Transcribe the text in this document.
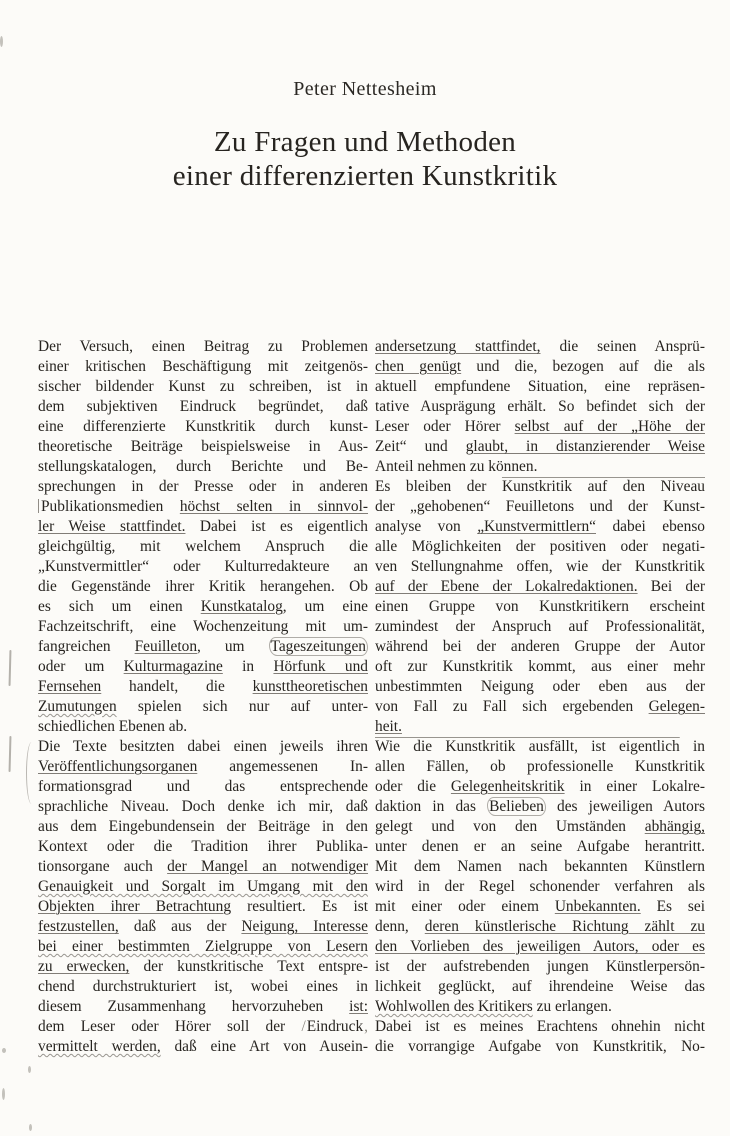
Peter Nettesheim
Zu Fragen und Methoden
einer differenzierten Kunstkritik
Der Versuch, einen Beitrag zu Problemen
einer kritischen Beschäftigung mit zeitgenös-
sischer bildender Kunst zu schreiben, ist in
dem subjektiven Eindruck begründet, daß
eine differenzierte Kunstkritik durch kunst-
theoretische Beiträge beispielsweise in Aus-
stellungskatalogen, durch Berichte und Be-
sprechungen in der Presse oder in anderen
Publikationsmedien höchst selten in sinnvol-
ler Weise stattfindet. Dabei ist es eigentlich
gleichgültig, mit welchem Anspruch die
„Kunstvermittler“ oder Kulturredakteure an
die Gegenstände ihrer Kritik herangehen. Ob
es sich um einen Kunstkatalog, um eine
Fachzeitschrift, eine Wochenzeitung mit um-
fangreichen Feuilleton, um Tageszeitungen
oder um Kulturmagazine in Hörfunk und
Fernsehen handelt, die kunsttheoretischen
Zumutungen spielen sich nur auf unter-
schiedlichen Ebenen ab.
Die Texte besitzten dabei einen jeweils ihren
Veröffentlichungsorganen angemessenen In-
formationsgrad und das entsprechende
sprachliche Niveau. Doch denke ich mir, daß
aus dem Eingebundensein der Beiträge in den
Kontext oder die Tradition ihrer Publika-
tionsorgane auch der Mangel an notwendiger
Genauigkeit und Sorgalt im Umgang mit den
Objekten ihrer Betrachtung resultiert. Es ist
festzustellen, daß aus der Neigung, Interesse
bei einer bestimmten Zielgruppe von Lesern
zu erwecken, der kunstkritische Text entspre-
chend durchstrukturiert ist, wobei eines in
diesem Zusammenhang hervorzuheben ist:
dem Leser oder Hörer soll der / Eindruck ,
vermittelt werden, daß eine Art von Ausein-
andersetzung stattfindet, die seinen Ansprü-
chen genügt und die, bezogen auf die als
aktuell empfundene Situation, eine repräsen-
tative Ausprägung erhält. So befindet sich der
Leser oder Hörer selbst auf der „Höhe der
Zeit“ und glaubt, in distanzierender Weise
Anteil nehmen zu können.
Es bleiben der Kunstkritik auf den Niveau
der „gehobenen“ Feuilletons und der Kunst-
analyse von „Kunstvermittlern“ dabei ebenso
alle Möglichkeiten der positiven oder negati-
ven Stellungnahme offen, wie der Kunstkritik
auf der Ebene der Lokalredaktionen. Bei der
einen Gruppe von Kunstkritikern erscheint
zumindest der Anspruch auf Professionalität,
während bei der anderen Gruppe der Autor
oft zur Kunstkritik kommt, aus einer mehr
unbestimmten Neigung oder eben aus der
von Fall zu Fall sich ergebenden Gelegen-
heit.
Wie die Kunstkritik ausfällt, ist eigentlich in
allen Fällen, ob professionelle Kunstkritik
oder die Gelegenheitskritik in einer Lokalre-
daktion in das Belieben des jeweiligen Autors
gelegt und von den Umständen abhängig,
unter denen er an seine Aufgabe herantritt.
Mit dem Namen nach bekannten Künstlern
wird in der Regel schonender verfahren als
mit einer oder einem Unbekannten. Es sei
denn, deren künstlerische Richtung zählt zu
den Vorlieben des jeweiligen Autors, oder es
ist der aufstrebenden jungen Künstlerpersön-
lichkeit geglückt, auf ihrendeine Weise das
Wohlwollen des Kritikers zu erlangen.
Dabei ist es meines Erachtens ohnehin nicht
die vorrangige Aufgabe von Kunstkritik, No-
